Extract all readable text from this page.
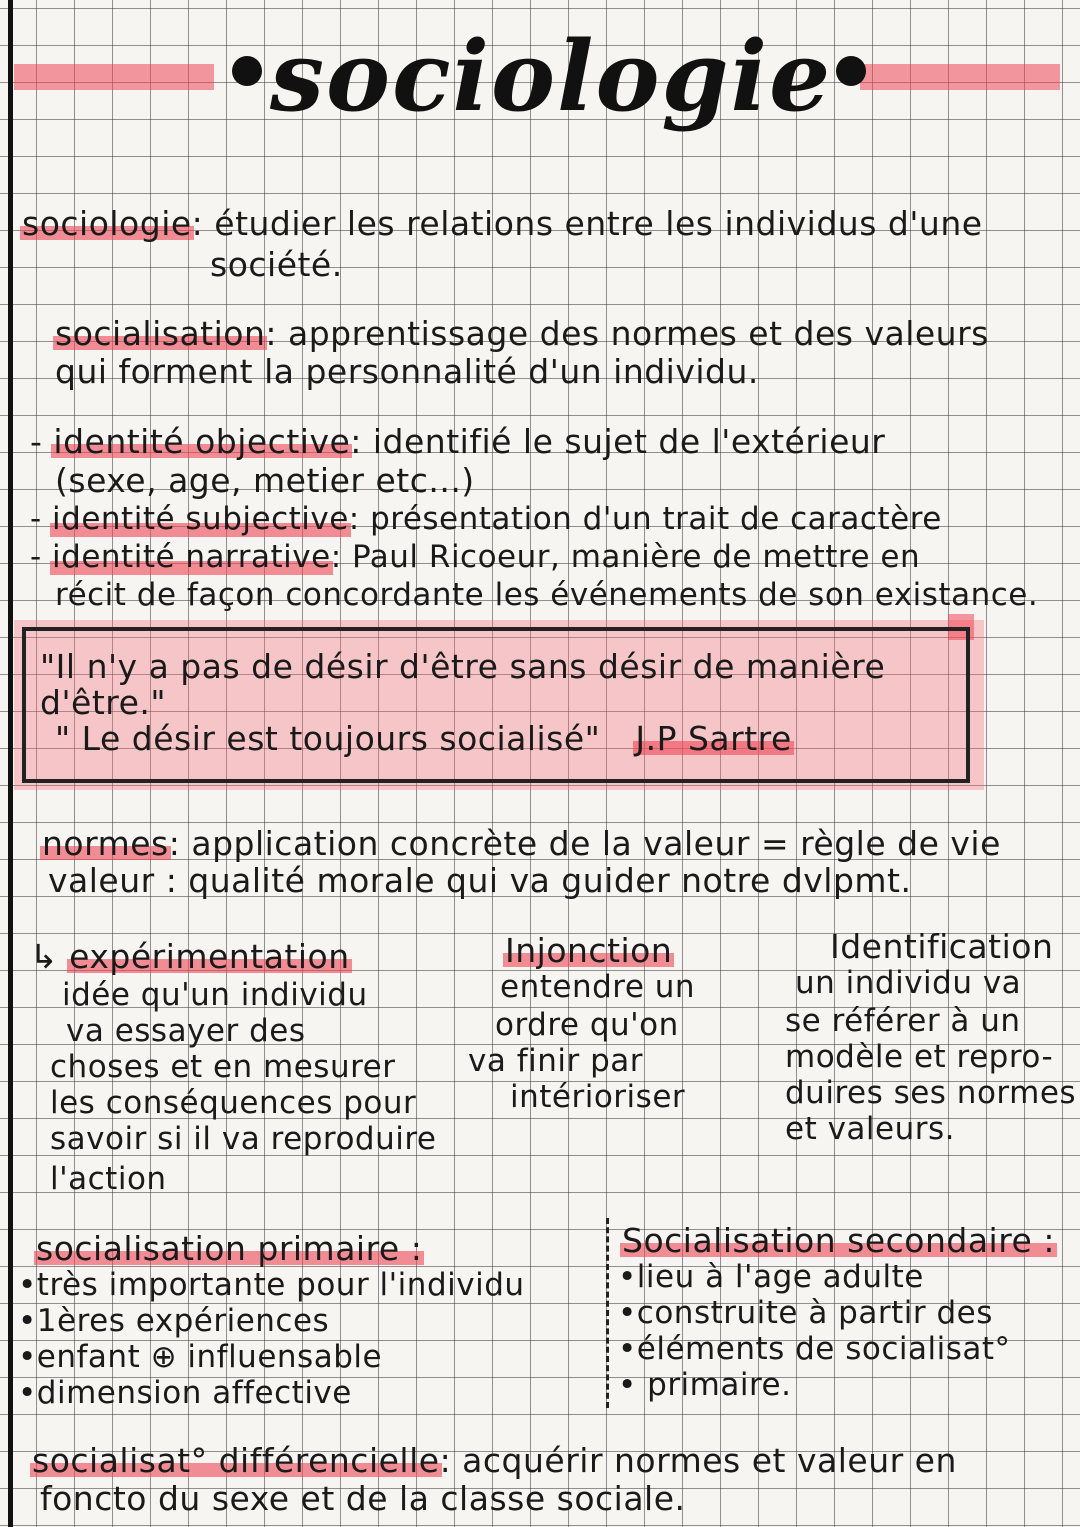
sociologie
sociologie: étudier les relations entre les individus d'une
société.
socialisation: apprentissage des normes et des valeurs
qui forment la personnalité d'un individu.
- identité objective: identifié le sujet de l'extérieur
(sexe, age, metier etc...)
- identité subjective: présentation d'un trait de caractère
- identité narrative: Paul Ricoeur, manière de mettre en
récit de façon concordante les événements de son existance.
"Il n'y a pas de désir d'être sans désir de manière
d'être."
" Le désir est toujours socialisé" J.P Sartre
normes: application concrète de la valeur = règle de vie
valeur : qualité morale qui va guider notre dvlpmt.
↳ expérimentation
idée qu'un individu
va essayer des
choses et en mesurer
les conséquences pour
savoir si il va reproduire
l'action
Injonction
entendre un
ordre qu'on
va finir par
intérioriser
Identification
un individu va
se référer à un
modèle et repro-
duires ses normes
et valeurs.
socialisation primaire :
•très importante pour l'individu
•1ères expériences
•enfant ⊕ influensable
•dimension affective
Socialisation secondaire :
•lieu à l'age adulte
•construite à partir des
•éléments de socialisat°
• primaire.
socialisat° différencielle: acquérir normes et valeur en
foncto du sexe et de la classe sociale.
